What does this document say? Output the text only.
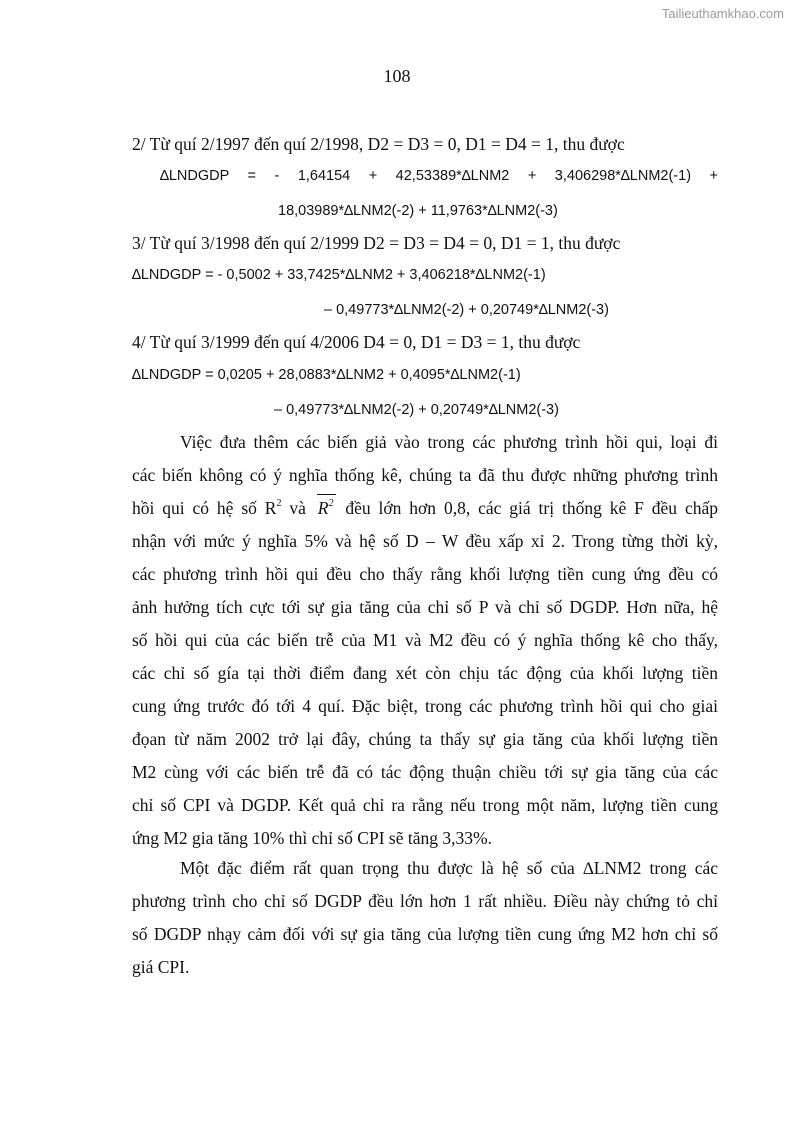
Tailieuthamkhao.com
108
2/ Từ quí 2/1997 đến quí 2/1998, D2 = D3 = 0, D1 = D4 = 1, thu được
∆LNDGDP = - 1,64154 + 42,53389*∆LNM2 + 3,406298*∆LNM2(-1) +
18,03989*∆LNM2(-2) + 11,9763*∆LNM2(-3)
3/ Từ quí 3/1998 đến quí 2/1999 D2 = D3 = D4 = 0, D1 = 1, thu được
∆LNDGDP = - 0,5002 + 33,7425*∆LNM2 + 3,406218*∆LNM2(-1)
– 0,49773*∆LNM2(-2) + 0,20749*∆LNM2(-3)
4/ Từ quí 3/1999 đến quí 4/2006 D4 = 0, D1 = D3 = 1, thu được
∆LNDGDP = 0,0205 + 28,0883*∆LNM2 + 0,4095*∆LNM2(-1)
– 0,49773*∆LNM2(-2) + 0,20749*∆LNM2(-3)
Việc đưa thêm các biến giả vào trong các phương trình hồi qui, loại đi
các biến không có ý nghĩa thống kê, chúng ta đã thu được những phương trình
hồi qui có hệ số $R^2$ và
$R^2$ đều lớn hơn 0,8, các giá trị thống kê F đều chấp
nhận với mức ý nghĩa 5% và hệ số D – W đều xấp xỉ 2. Trong từng thời kỳ,
các phương trình hồi qui đều cho thấy rằng khối lượng tiền cung ứng đều có
ảnh hưởng tích cực tới sự gia tăng của chỉ số P và chỉ số DGDP. Hơn nữa, hệ
số hồi qui của các biến trễ của M1 và M2 đều có ý nghĩa thống kê cho thấy,
các chỉ số gía tại thời điểm đang xét còn chịu tác động của khối lượng tiền
cung ứng trước đó tới 4 quí. Đặc biệt, trong các phương trình hồi qui cho giai
đọan từ năm 2002 trở lại đây, chúng ta thấy sự gia tăng của khối lượng tiền
M2 cùng với các biến trễ đã có tác động thuận chiều tới sự gia tăng của các
chỉ số CPI và DGDP. Kết quả chỉ ra rằng nếu trong một năm, lượng tiền cung
ứng M2 gia tăng 10% thì chỉ số CPI sẽ tăng 3,33%.
Một đặc điểm rất quan trọng thu được là hệ số của ∆LNM2 trong các
phương trình cho chỉ số DGDP đều lớn hơn 1 rất nhiều. Điều này chứng tỏ chỉ
số DGDP nhạy cảm đối với sự gia tăng của lượng tiền cung ứng M2 hơn chỉ số
giá CPI.
